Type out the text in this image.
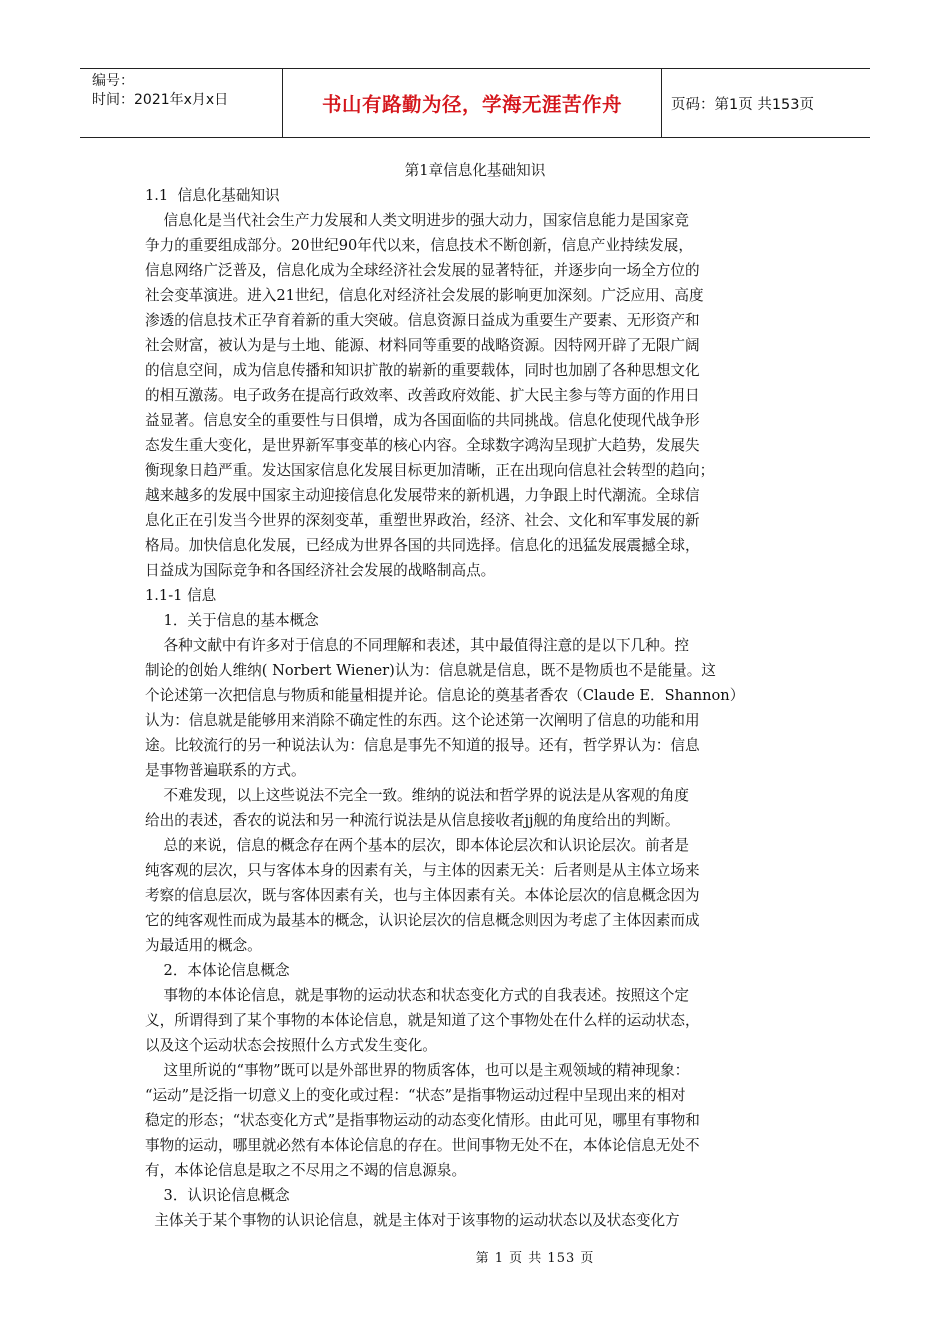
编号：
时间：2021年x月x日	书山有路勤为径，学海无涯苦作舟	页码：第1页 共153页

第1章信息化基础知识

1.1  信息化基础知识

信息化是当代社会生产力发展和人类文明进步的强大动力，国家信息能力是国家竞

争力的重要组成部分。20世纪90年代以来，信息技术不断创新，信息产业持续发展，

信息网络广泛普及，信息化成为全球经济社会发展的显著特征，并逐步向一场全方位的

社会变革演进。进入21世纪，信息化对经济社会发展的影响更加深刻。广泛应用、高度

渗透的信息技术正孕育着新的重大突破。信息资源日益成为重要生产要素、无形资产和

社会财富，被认为是与土地、能源、材料同等重要的战略资源。因特网开辟了无限广阔

的信息空间，成为信息传播和知识扩散的崭新的重要载体，同时也加剧了各种思想文化

的相互激荡。电子政务在提高行政效率、改善政府效能、扩大民主参与等方面的作用日

益显著。信息安全的重要性与日俱增，成为各国面临的共同挑战。信息化使现代战争形

态发生重大变化，是世界新军事变革的核心内容。全球数字鸿沟呈现扩大趋势，发展失

衡现象日趋严重。发达国家信息化发展目标更加清晰，正在出现向信息社会转型的趋向；

越来越多的发展中国家主动迎接信息化发展带来的新机遇，力争跟上时代潮流。全球信

息化正在引发当今世界的深刻变革，重塑世界政治，经济、社会、文化和军事发展的新

格局。加快信息化发展，已经成为世界各国的共同选择。信息化的迅猛发展震撼全球，

日益成为国际竞争和各国经济社会发展的战略制高点。

1.1-1 信息

1．关于信息的基本概念

各种文献中有许多对于信息的不同理解和表述，其中最值得注意的是以下几种。控

制论的创始人维纳( Norbert Wiener)认为：信息就是信息，既不是物质也不是能量。这

个论述第一次把信息与物质和能量相提并论。信息论的奠基者香农（Claude E．Shannon）

认为：信息就是能够用来消除不确定性的东西。这个论述第一次阐明了信息的功能和用

途。比较流行的另一种说法认为：信息是事先不知道的报导。还有，哲学界认为：信息

是事物普遍联系的方式。

不难发现，以上这些说法不完全一致。维纳的说法和哲学界的说法是从客观的角度

给出的表述，香农的说法和另一种流行说法是从信息接收者jj舰的角度给出的判断。

总的来说，信息的概念存在两个基本的层次，即本体论层次和认识论层次。前者是

纯客观的层次，只与客体本身的因素有关，与主体的因素无关：后者则是从主体立场来

考察的信息层次，既与客体因素有关，也与主体因素有关。本体论层次的信息概念因为

它的纯客观性而成为最基本的概念，认识论层次的信息概念则因为考虑了主体因素而成

为最适用的概念。

2．本体论信息概念

事物的本体论信息，就是事物的运动状态和状态变化方式的自我表述。按照这个定

义，所谓得到了某个事物的本体论信息，就是知道了这个事物处在什么样的运动状态，

以及这个运动状态会按照什么方式发生变化。

这里所说的“事物”既可以是外部世界的物质客体，也可以是主观领域的精神现象：

“运动”是泛指一切意义上的变化或过程：“状态”是指事物运动过程中呈现出来的相对

稳定的形态；“状态变化方式”是指事物运动的动态变化情形。由此可见，哪里有事物和

事物的运动，哪里就必然有本体论信息的存在。世间事物无处不在，本体论信息无处不

有，本体论信息是取之不尽用之不竭的信息源泉。

3．认识论信息概念

主体关于某个事物的认识论信息，就是主体对于该事物的运动状态以及状态变化方

第 1 页 共 153 页
